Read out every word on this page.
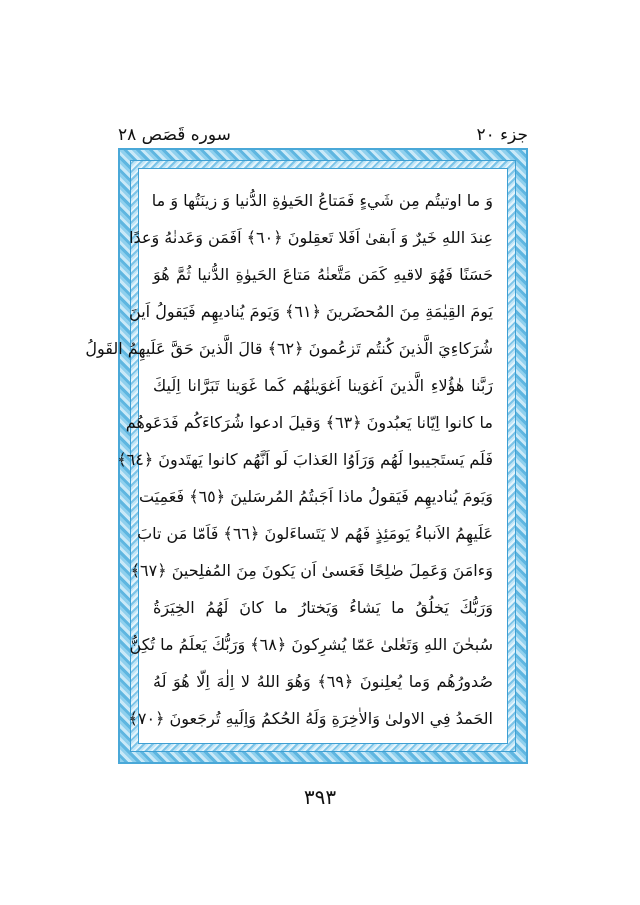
جزء ٢٠
سوره قَصَص ٢٨
وَ ما اوتيتُم مِن شَيءٍ فَمَتاعُ الحَيوٰةِ الدُّنيا وَ زينَتُها وَ ما
عِندَ اللهِ خَيرٌ وَ اَبقىٰ اَفَلا تَعقِلونَ ﴿٦٠﴾ اَفَمَن وَعَدنٰهُ وَعدًا
حَسَنًا فَهُوَ لاقيهِ كَمَن مَتَّعنٰهُ مَتاعَ الحَيوٰةِ الدُّنيا ثُمَّ هُوَ
يَومَ القِيٰمَةِ مِنَ المُحضَرينَ ﴿٦١﴾ وَيَومَ يُناديهِم فَيَقولُ اَينَ
شُرَكاءِيَ الَّذينَ كُنتُم تَزعُمونَ ﴿٦٢﴾ قالَ الَّذينَ حَقَّ عَلَيهِمُ القَولُ
رَبَّنا هٰؤُلاءِ الَّذينَ اَغوَينا اَغوَينٰهُم كَما غَوَينا تَبَرَّانا اِلَيكَ
ما كانوا اِيّانا يَعبُدونَ ﴿٦٣﴾ وَقيلَ ادعوا شُرَكاءَكُم فَدَعَوهُم
فَلَم يَستَجيبوا لَهُم وَرَاَوُا العَذابَ لَو اَنَّهُم كانوا يَهتَدونَ ﴿٦٤﴾
وَيَومَ يُناديهِم فَيَقولُ ماذا اَجَبتُمُ المُرسَلينَ ﴿٦٥﴾ فَعَمِيَت
عَلَيهِمُ الاَنباءُ يَومَئِذٍ فَهُم لا يَتَساءَلونَ ﴿٦٦﴾ فَاَمّا مَن تابَ
وَءامَنَ وَعَمِلَ صٰلِحًا فَعَسىٰ اَن يَكونَ مِنَ المُفلِحينَ ﴿٦٧﴾
وَرَبُّكَ يَخلُقُ ما يَشاءُ وَيَختارُ ما كانَ لَهُمُ الخِيَرَةُ
سُبحٰنَ اللهِ وَتَعٰلىٰ عَمّا يُشرِكونَ ﴿٦٨﴾ وَرَبُّكَ يَعلَمُ ما تُكِنُّ
صُدورُهُم وَما يُعلِنونَ ﴿٦٩﴾ وَهُوَ اللهُ لا اِلٰهَ اِلّا هُوَ لَهُ
الحَمدُ فِي الاولىٰ وَالاٰخِرَةِ وَلَهُ الحُكمُ وَاِلَيهِ تُرجَعونَ ﴿٧٠﴾
٣٩٣
